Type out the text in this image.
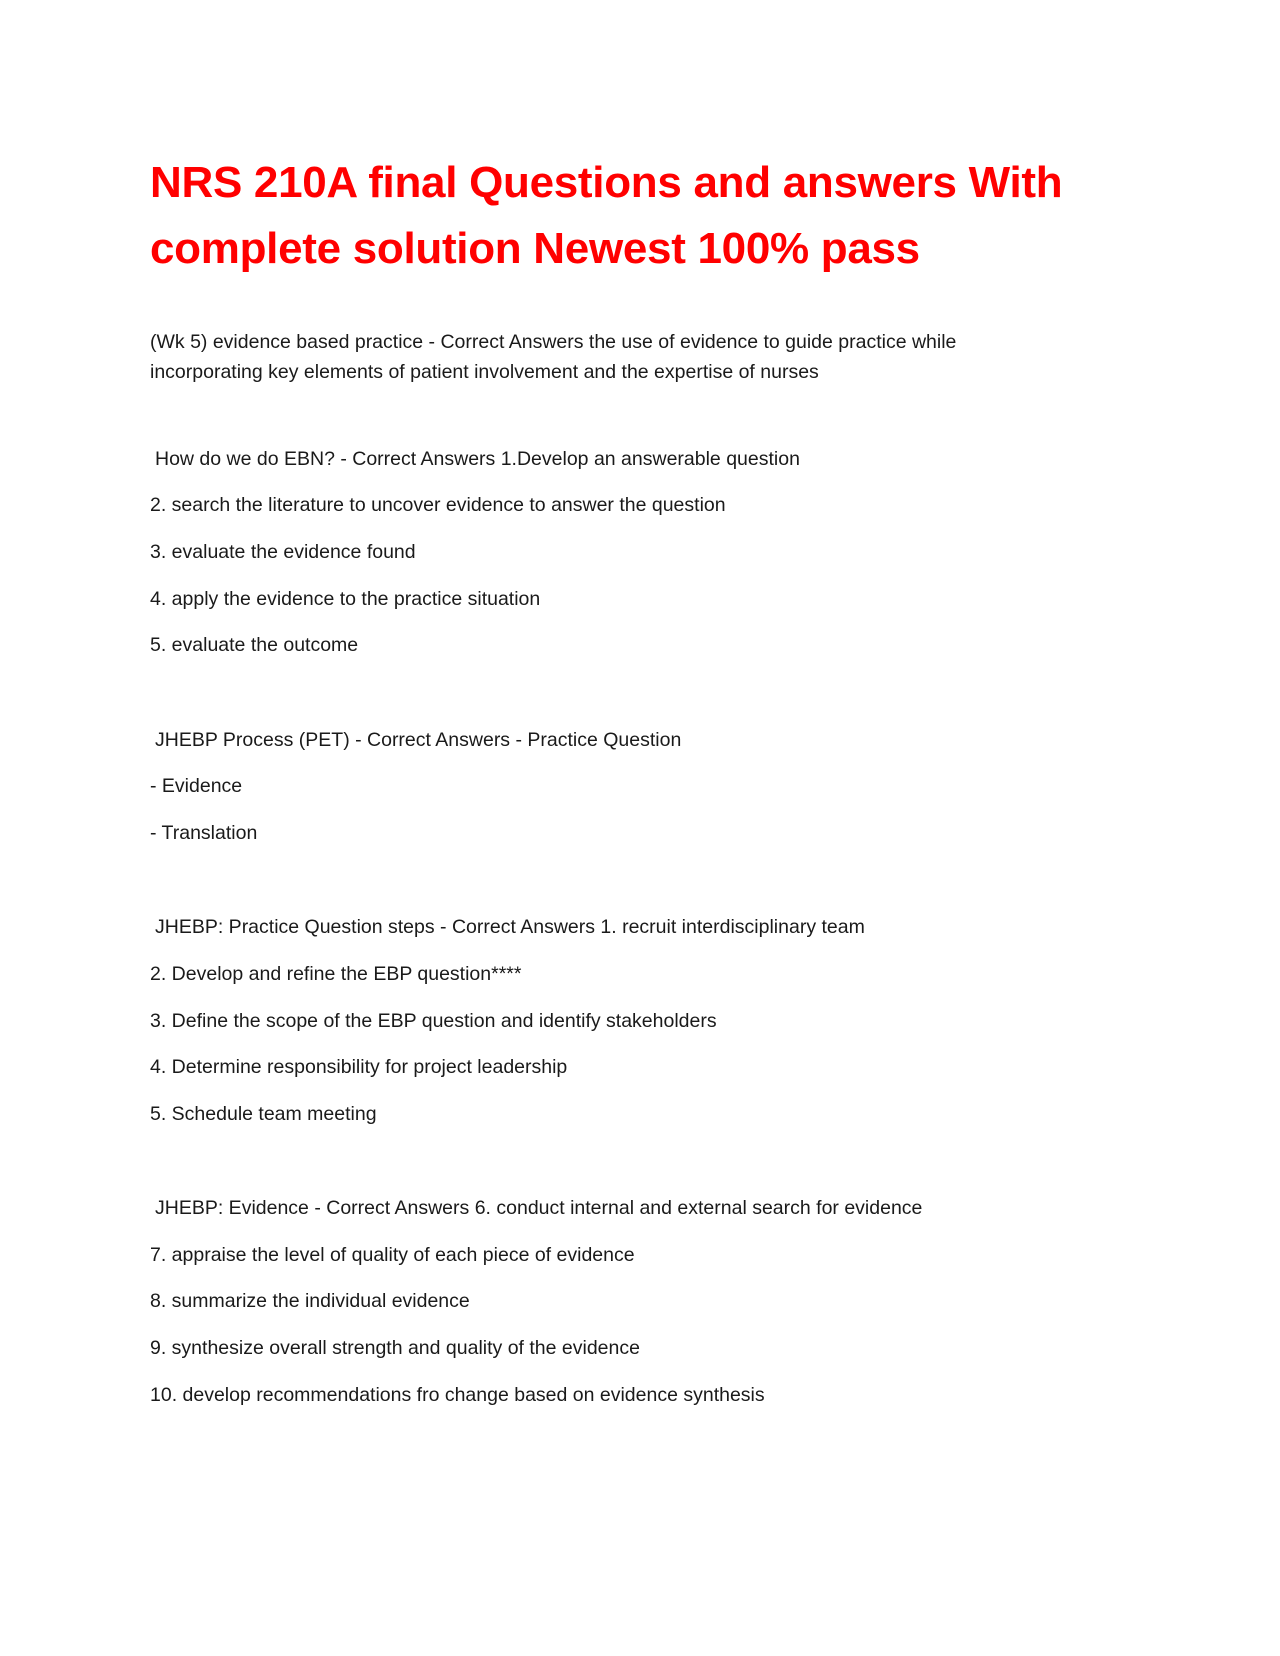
NRS 210A final Questions and answers With complete solution Newest 100% pass

(Wk 5) evidence based practice - Correct Answers the use of evidence to guide practice while incorporating key elements of patient involvement and the expertise of nurses

How do we do EBN? - Correct Answers 1.Develop an answerable question

2. search the literature to uncover evidence to answer the question

3. evaluate the evidence found

4. apply the evidence to the practice situation

5. evaluate the outcome

JHEBP Process (PET) - Correct Answers - Practice Question

- Evidence

- Translation

JHEBP: Practice Question steps - Correct Answers 1. recruit interdisciplinary team

2. Develop and refine the EBP question****

3. Define the scope of the EBP question and identify stakeholders

4. Determine responsibility for project leadership

5. Schedule team meeting

JHEBP: Evidence - Correct Answers 6. conduct internal and external search for evidence

7. appraise the level of quality of each piece of evidence

8. summarize the individual evidence

9. synthesize overall strength and quality of the evidence

10. develop recommendations fro change based on evidence synthesis
